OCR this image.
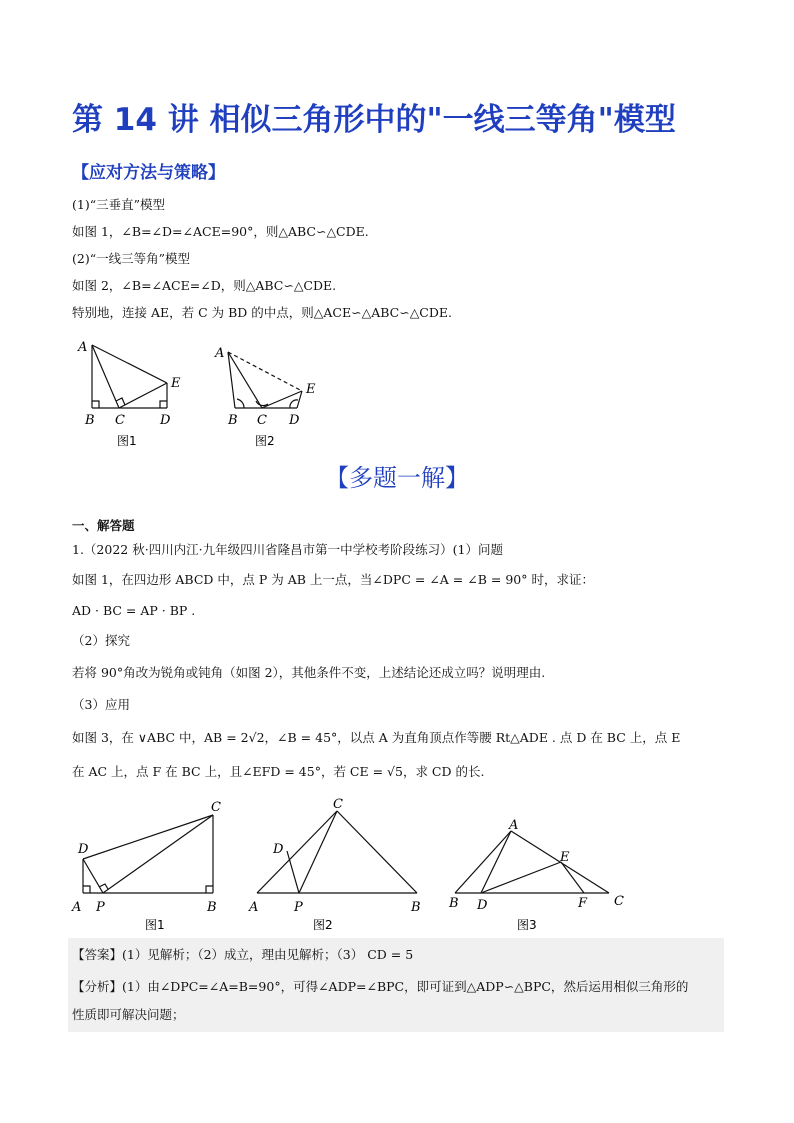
第 14 讲 相似三角形中的"一线三等角"模型
【应对方法与策略】
(1)“三垂直”模型
如图 1，∠B=∠D=∠ACE=90°，则△ABC∽△CDE.
(2)“一线三等角”模型
如图 2，∠B=∠ACE=∠D，则△ABC∽△CDE.
特别地，连接 AE，若 C 为 BD 的中点，则△ACE∽△ABC∽△CDE.
A
B C	D
E
图1
A
B C D
E
图2
【多题一解】
一、解答题
1.（2022 秋·四川内江·九年级四川省隆昌市第一中学校考阶段练习）(1）问题
如图 1，在四边形 ABCD 中，点 P 为 AB 上一点，当∠DPC = ∠A = ∠B = 90° 时，求证：
AD · BC = AP · BP .
（2）探究
若将 90°角改为锐角或钝角（如图 2），其他条件不变，上述结论还成立吗？说明理由.
（3）应用
如图 3，在 ∨ABC 中，AB = 2√2，∠B = 45°，以点 A 为直角顶点作等腰 Rt△ADE . 点 D 在 BC 上，点 E
在 AC 上，点 F 在 BC 上，且∠EFD = 45°，若 CE = √5，求 CD 的长.
D
A P	B
C
图1
D
C
A	P	B
图2
A
E
B D	F C
图3
【答案】(1）见解析；（2）成立，理由见解析；（3） CD = 5
【分析】(1）由∠DPC=∠A=B=90°，可得∠ADP=∠BPC，即可证到△ADP∽△BPC，然后运用相似三角形的
性质即可解决问题；
